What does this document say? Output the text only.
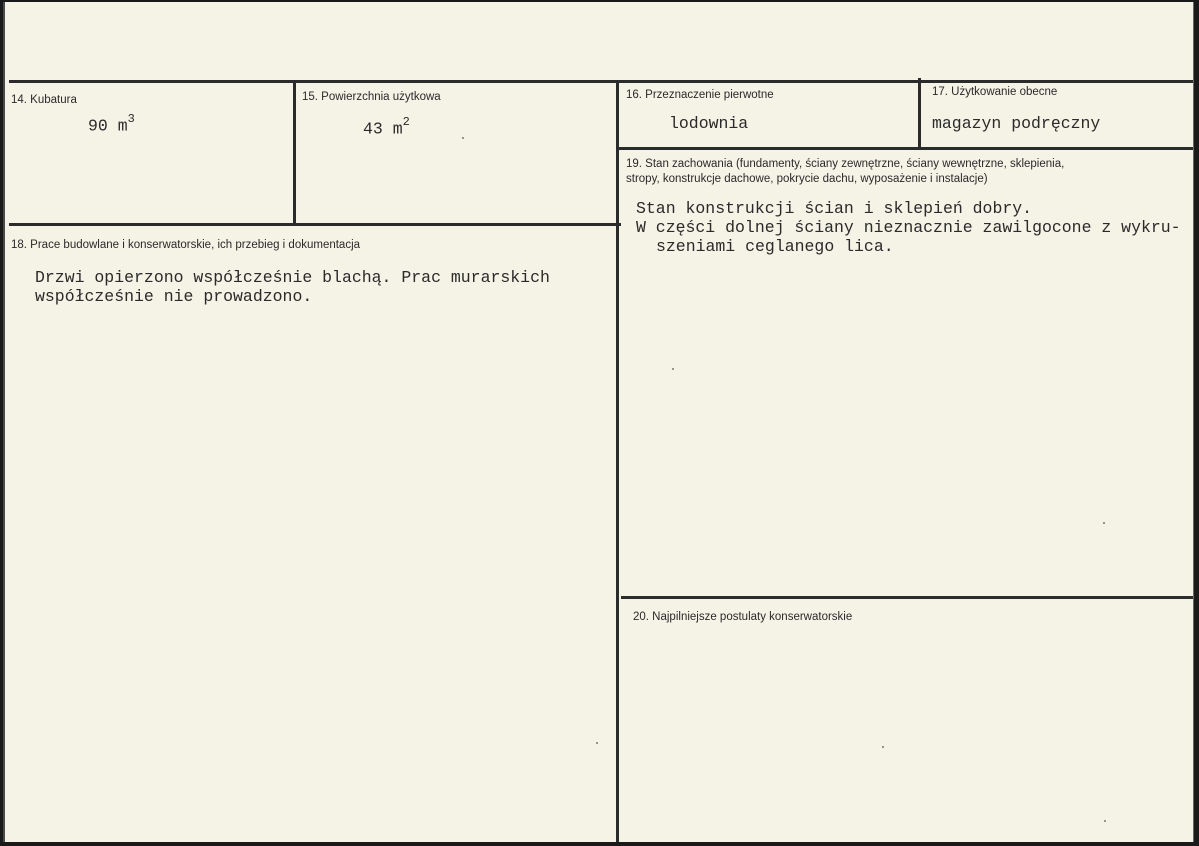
14. Kubatura
90 $m^3$
15. Powierzchnia użytkowa
43 $m^2$
16. Przeznaczenie pierwotne
lodownia
17. Użytkowanie obecne
magazyn podręczny
18. Prace budowlane i konserwatorskie, ich przebieg i dokumentacja
Drzwi opierzono współcześnie blachą. Prac murarskich
współcześnie nie prowadzono.
19. Stan zachowania (fundamenty, ściany zewnętrzne, ściany wewnętrzne, sklepienia,
stropy, konstrukcje dachowe, pokrycie dachu, wyposażenie i instalacje)
Stan konstrukcji ścian i sklepień dobry.
W części dolnej ściany nieznacznie zawilgocone z wykru-
szeniami ceglanego lica.
20. Najpilniejsze postulaty konserwatorskie
